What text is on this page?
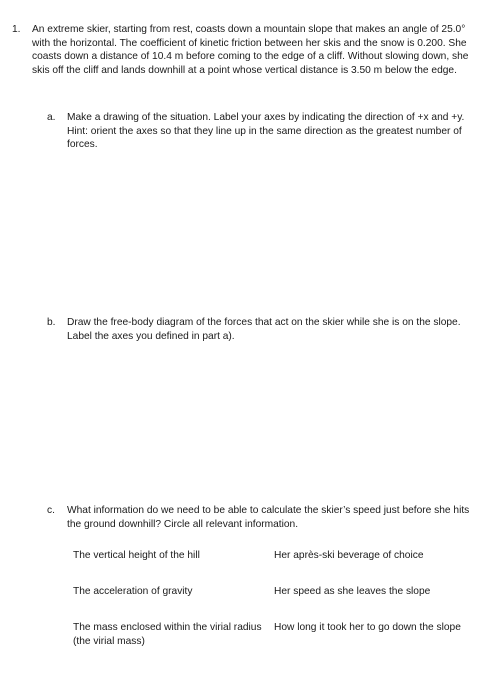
1. An extreme skier, starting from rest, coasts down a mountain slope that makes an angle of 25.0° with the horizontal. The coefficient of kinetic friction between her skis and the snow is 0.200. She coasts down a distance of 10.4 m before coming to the edge of a cliff. Without slowing down, she skis off the cliff and lands downhill at a point whose vertical distance is 3.50 m below the edge.
a. Make a drawing of the situation. Label your axes by indicating the direction of +x and +y. Hint: orient the axes so that they line up in the same direction as the greatest number of forces.
b. Draw the free-body diagram of the forces that act on the skier while she is on the slope. Label the axes you defined in part a).
c. What information do we need to be able to calculate the skier’s speed just before she hits the ground downhill? Circle all relevant information.
The vertical height of the hill	Her après-ski beverage of choice
The acceleration of gravity	Her speed as she leaves the slope
The mass enclosed within the virial radius (the virial mass)
How long it took her to go down the slope
